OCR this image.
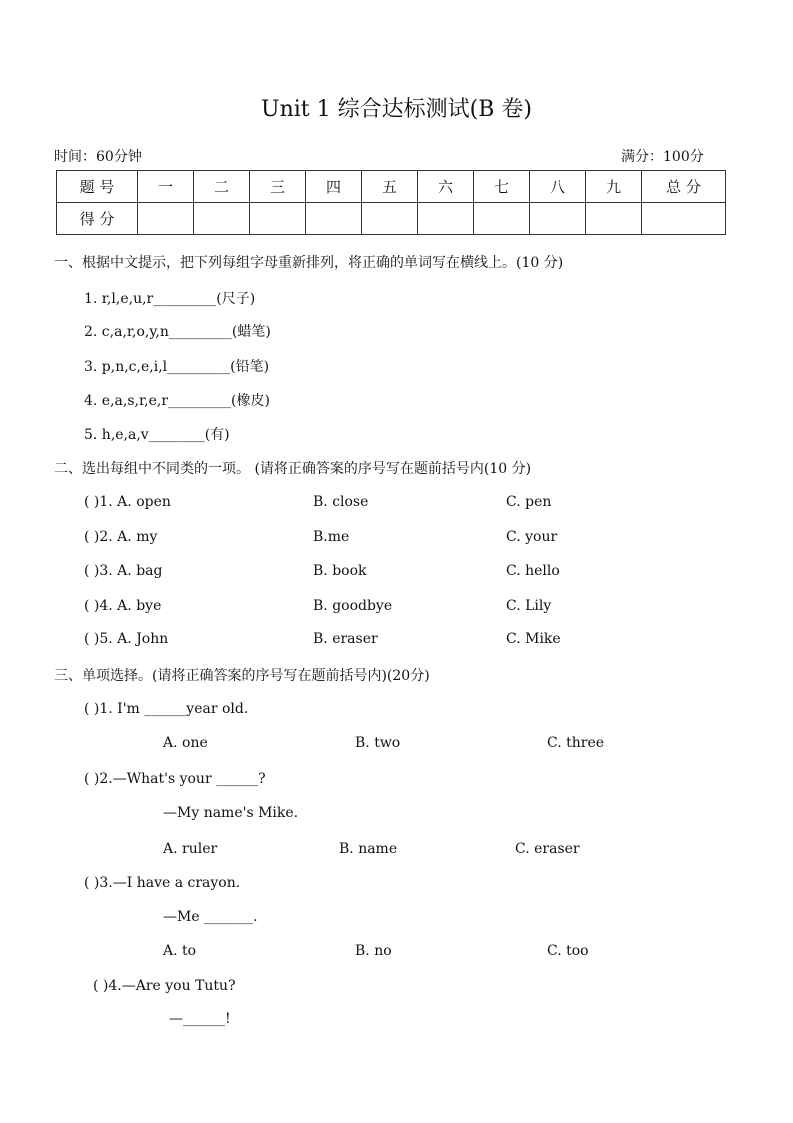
Unit 1 综合达标测试(B 卷)
时间：60分钟	满分：100分
题 号	一	二	三	四	五	六	七	八	九	总 分
得 分										
一、根据中文提示，把下列每组字母重新排列，将正确的单词写在横线上。(10 分)
1. r,l,e,u,r_________(尺子)
2. c,a,r,o,y,n_________(蜡笔)
3. p,n,c,e,i,l_________(铅笔)
4. e,a,s,r,e,r_________(橡皮)
5. h,e,a,v________(有)
二、选出每组中不同类的一项。 (请将正确答案的序号写在题前括号内(10 分)
( )1. A. open	B. close	C. pen
( )2. A. my	B.me	C. your
( )3. A. bag	B. book	C. hello
( )4. A. bye	B. goodbye	C. Lily
( )5. A. John	B. eraser	C. Mike
三、单项选择。(请将正确答案的序号写在题前括号内)(20分)
( )1. I'm ______year old.
A. one	B. two	C. three
( )2.—What's your ______?
—My name's Mike.
A. ruler	B. name	C. eraser
( )3.—I have a crayon.
—Me _______.
A. to	B. no	C. too
( )4.—Are you Tutu?
—______!
